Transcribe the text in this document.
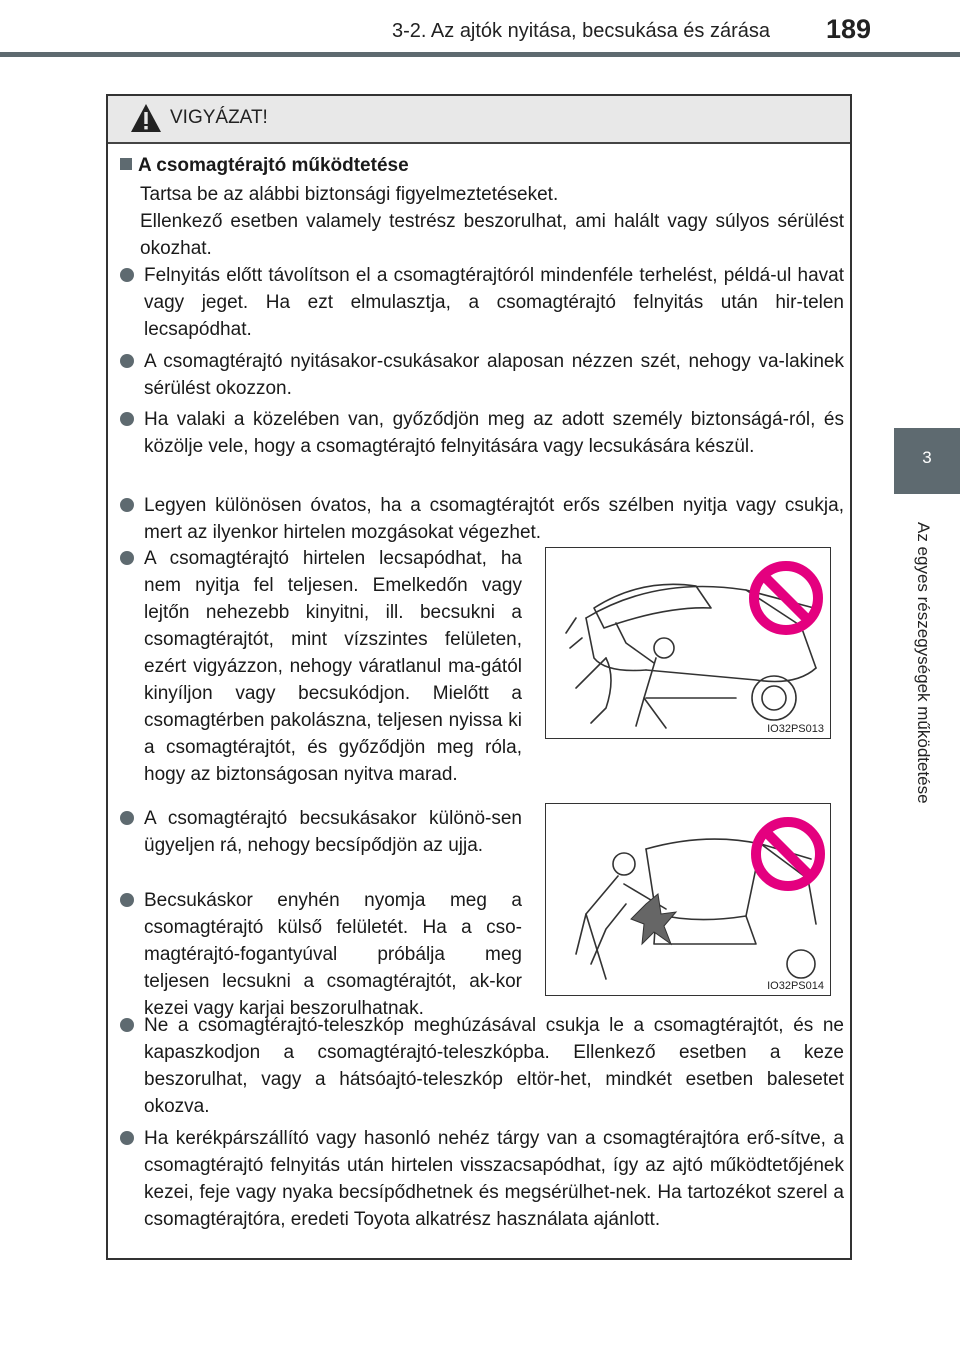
3-2. Az ajtók nyitása, becsukása és zárása 189
3
Az egyes részegységek működtetése
VIGYÁZAT!
A csomagtérajtó működtetése
Tartsa be az alábbi biztonsági figyelmeztetéseket.
Ellenkező esetben valamely testrész beszorulhat, ami halált vagy súlyos sérülést okozhat.
Felnyitás előtt távolítson el a csomagtérajtóról mindenféle terhelést, példá-ul havat vagy jeget. Ha ezt elmulasztja, a csomagtérajtó felnyitás után hir-telen lecsapódhat.
A csomagtérajtó nyitásakor-csukásakor alaposan nézzen szét, nehogy va-lakinek sérülést okozzon.
Ha valaki a közelében van, győződjön meg az adott személy biztonságá-ról, és közölje vele, hogy a csomagtérajtó felnyitására vagy lecsukására készül.
Legyen különösen óvatos, ha a csomagtérajtót erős szélben nyitja vagy csukja, mert az ilyenkor hirtelen mozgásokat végezhet.
A csomagtérajtó hirtelen lecsapódhat, ha nem nyitja fel teljesen. Emelkedőn vagy lejtőn nehezebb kinyitni, ill. becsukni a csomagtérajtót, mint vízszintes felületen, ezért vigyázzon, nehogy váratlanul ma-gától kinyíljon vagy becsukódjon. Mielőtt a csomagtérben pakolászna, teljesen nyissa ki a csomagtérajtót, és győződjön meg róla, hogy az biztonságosan nyitva marad.
A csomagtérajtó becsukásakor különö-sen ügyeljen rá, nehogy becsípődjön az ujja.
Becsukáskor enyhén nyomja meg a csomagtérajtó külső felületét. Ha a cso-magtérajtó-fogantyúval próbálja meg teljesen lecsukni a csomagtérajtót, ak-kor kezei vagy karjai beszorulhatnak.
Ne a csomagtérajtó-teleszkóp meghúzásával csukja le a csomagtérajtót, és ne kapaszkodjon a csomagtérajtó-teleszkópba. Ellenkező esetben a keze beszorulhat, vagy a hátsóajtó-teleszkóp eltör-het, mindkét esetben balesetet okozva.
Ha kerékpárszállító vagy hasonló nehéz tárgy van a csomagtérajtóra erő-sítve, a csomagtérajtó felnyitás után hirtelen visszacsapódhat, így az ajtó működtetőjének kezei, feje vagy nyaka becsípődhetnek és megsérülhet-nek. Ha tartozékot szerel a csomagtérajtóra, eredeti Toyota alkatrész használata ajánlott.
IO32PS013
IO32PS014
